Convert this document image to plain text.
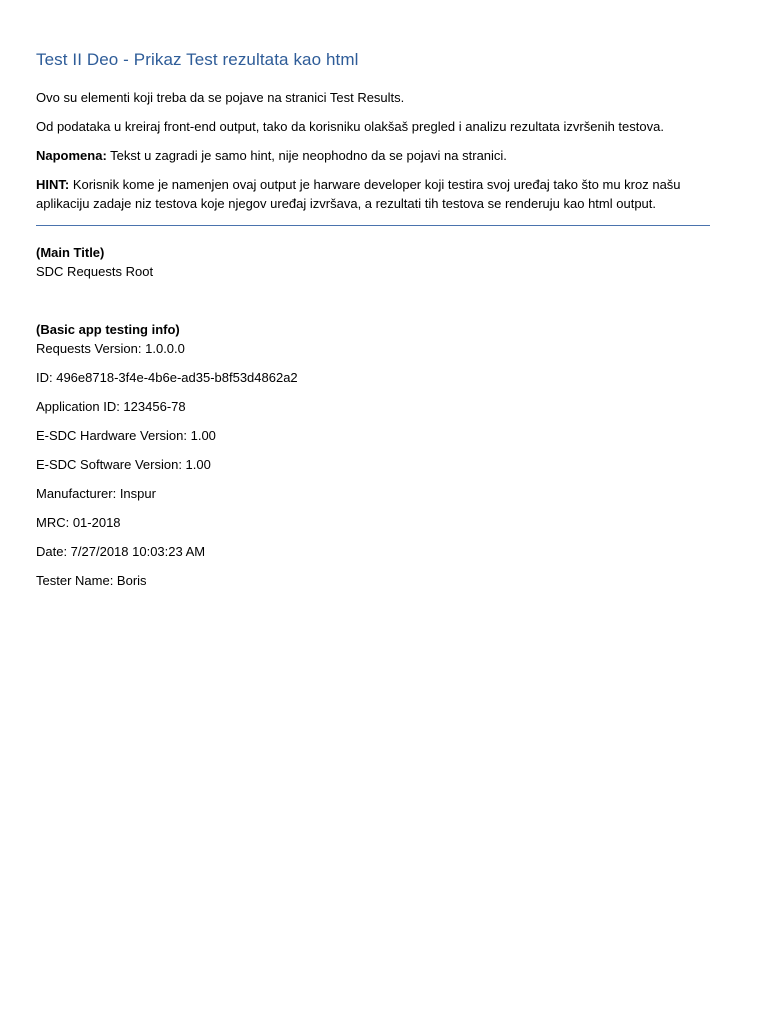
Test II Deo - Prikaz Test rezultata kao html

Ovo su elementi koji treba da se pojave na stranici Test Results.

Od podataka u kreiraj front-end output, tako da korisniku olakšaš pregled i analizu rezultata izvršenih testova.

Napomena: Tekst u zagradi je samo hint, nije neophodno da se pojavi na stranici.

HINT: Korisnik kome je namenjen ovaj output je harware developer koji testira svoj uređaj tako što mu kroz našu aplikaciju zadaje niz testova koje njegov uređaj izvršava, a rezultati tih testova se renderuju kao html output.

(Main Title)

SDC Requests Root

(Basic app testing info)

Requests Version: 1.0.0.0
ID: 496e8718-3f4e-4b6e-ad35-b8f53d4862a2
Application ID: 123456-78
E-SDC Hardware Version: 1.00
E-SDC Software Version: 1.00
Manufacturer: Inspur
MRC: 01-2018
Date: 7/27/2018 10:03:23 AM
Tester Name: Boris
